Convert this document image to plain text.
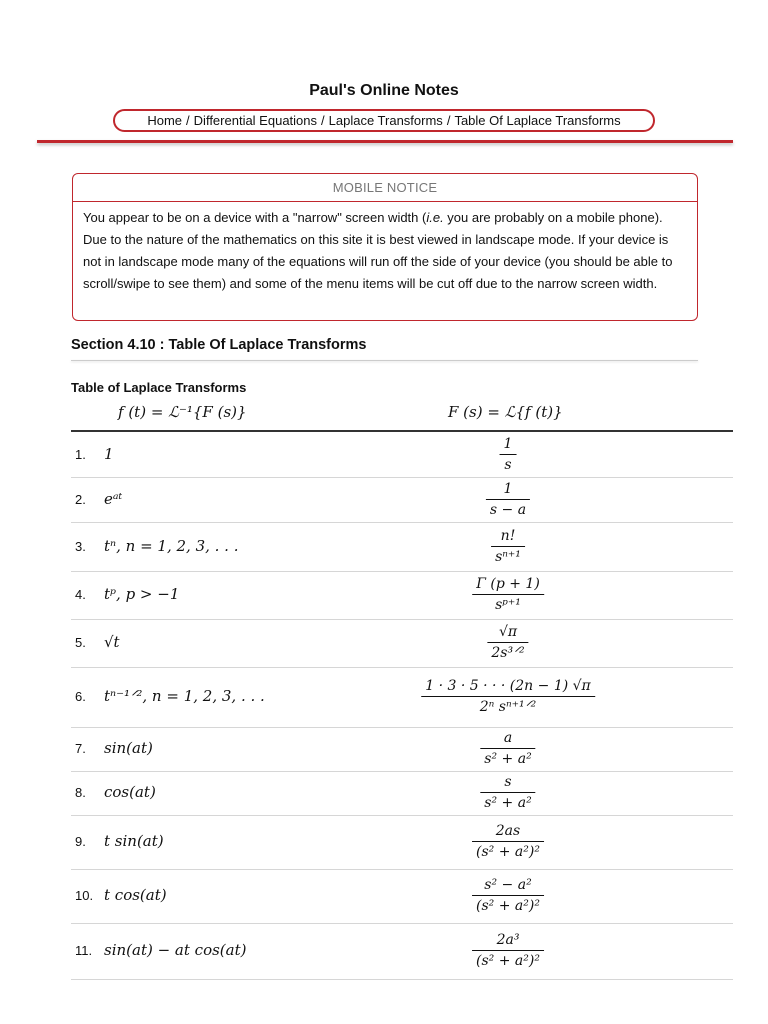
Paul's Online Notes
Home / Differential Equations / Laplace Transforms / Table Of Laplace Transforms
MOBILE NOTICE
You appear to be on a device with a "narrow" screen width (i.e. you are probably on a mobile phone). Due to the nature of the mathematics on this site it is best viewed in landscape mode. If your device is not in landscape mode many of the equations will run off the side of your device (you should be able to scroll/swipe to see them) and some of the menu items will be cut off due to the narrow screen width.
Section 4.10 : Table Of Laplace Transforms
Table of Laplace Transforms
f (t) = ℒ⁻¹{F (s)}	F (s) = ℒ{f (t)}
1. 1
1
s
2. eᵃᵗ
1
s − a
3. tⁿ, n = 1, 2, 3, . . .
n!
sⁿ⁺¹
4. tᵖ, p > −1
Γ (p + 1)
sᵖ⁺¹
5. √t
√π
2s³ᐟ²
6. tⁿ⁻¹ᐟ², n = 1, 2, 3, . . .
1 · 3 · 5 · · · (2n − 1) √π
2ⁿ sⁿ⁺¹ᐟ²
7. sin(at)
a
s² + a²
8. cos(at)
s
s² + a²
9. t sin(at)
2as
(s² + a²)²
10. t cos(at)
s² − a²
(s² + a²)²
11. sin(at) − at cos(at)
2a³
(s² + a²)²
